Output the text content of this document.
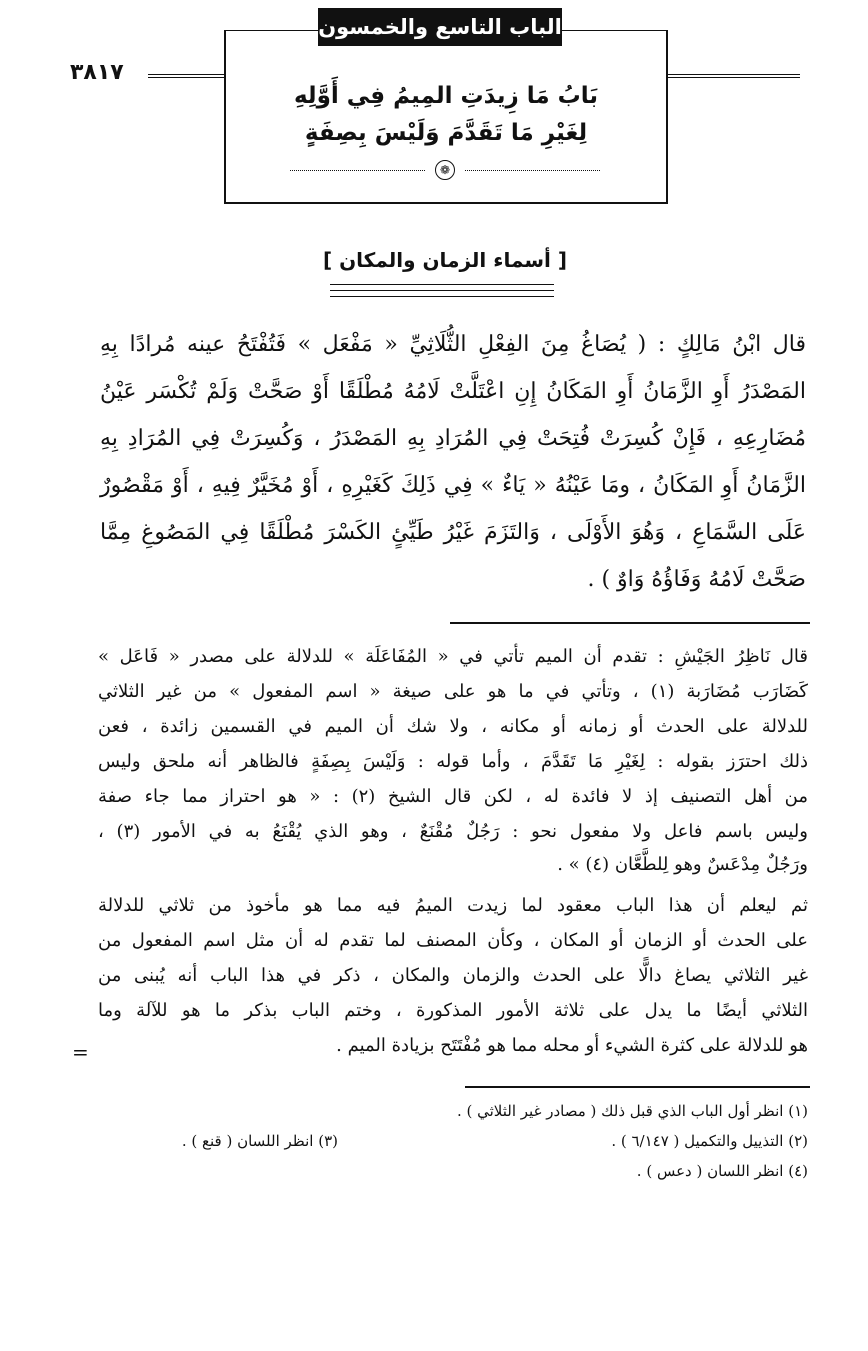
الباب التاسع والخمسون
بَابُ مَا زِيدَتِ المِيمُ فِي أَوَّلِهِ
لِغَيْرِ مَا تَقَدَّمَ وَلَيْسَ بِصِفَةٍ
❁
٣٨١٧
[ أسماء الزمان والمكان ]
قال ابْنُ مَالِكٍ : ( يُصَاغُ مِنَ الفِعْلِ الثُّلَاثِيِّ « مَفْعَل » فَتُفْتَحُ عينه مُرادًا بِهِ
المَصْدَرُ أَوِ الزَّمَانُ أَوِ المَكَانُ إِنِ اعْتَلَّتْ لَامُهُ مُطْلَقًا أَوْ صَحَّتْ وَلَمْ تُكْسَر عَيْنُ
مُضَارِعِهِ ، فَإِنْ كُسِرَتْ فُتِحَتْ فِي المُرَادِ بِهِ المَصْدَرُ ، وَكُسِرَتْ فِي المُرَادِ بِهِ
الزَّمَانُ أَوِ المَكَانُ ، ومَا عَيْنُهُ « يَاءٌ » فِي ذَلِكَ كَغَيْرِهِ ، أَوْ مُخَيَّرٌ فِيهِ ، أَوْ مَقْصُورٌ
عَلَى السَّمَاعِ ، وَهُوَ الأَوْلَى ، وَالتَزَمَ غَيْرُ طَيِّئٍ الكَسْرَ مُطْلَقًا فِي المَصُوغِ مِمَّا
صَحَّتْ لَامُهُ وَفَاؤُهُ وَاوٌ ) .
قال نَاظِرُ الجَيْشِ : تقدم أن الميم تأتي في « المُفَاعَلَة » للدلالة على مصدر « فَاعَل »
كَضَارَب مُضَارَبة (١) ، وتأتي في ما هو على صيغة « اسم المفعول » من غير الثلاثي
للدلالة على الحدث أو زمانه أو مكانه ، ولا شك أن الميم في القسمين زائدة ، فعن
ذلك احترَز بقوله : لِغَيْرِ مَا تَقَدَّمَ ، وأما قوله : وَلَيْسَ بِصِفَةٍ فالظاهر أنه ملحق وليس
من أهل التصنيف إذ لا فائدة له ، لكن قال الشيخ (٢) : « هو احتراز مما جاء صفة
وليس باسم فاعل ولا مفعول نحو : رَجُلٌ مُقْنَعٌ ، وهو الذي يُقْنَعُ به في الأمور (٣) ،
ورَجُلٌ مِدْعَسٌ وهو لِلطَّعَّان (٤) » .
ثم ليعلم أن هذا الباب معقود لما زيدت الميمُ فيه مما هو مأخوذ من ثلاثي للدلالة
على الحدث أو الزمان أو المكان ، وكأن المصنف لما تقدم له أن مثل اسم المفعول من
غير الثلاثي يصاغ دالًّا على الحدث والزمان والمكان ، ذكر في هذا الباب أنه يُبنى من
الثلاثي أيضًا ما يدل على ثلاثة الأمور المذكورة ، وختم الباب بذكر ما هو للآلة وما
هو للدلالة على كثرة الشيء أو محله مما هو مُفْتَتَح بزيادة الميم .
=
(١) انظر أول الباب الذي قبل ذلك ( مصادر غير الثلاثي ) .
(٢) التذييل والتكميل ( ٦/١٤٧ ) .
(٣) انظر اللسان ( قنع ) .
(٤) انظر اللسان ( دعس ) .
